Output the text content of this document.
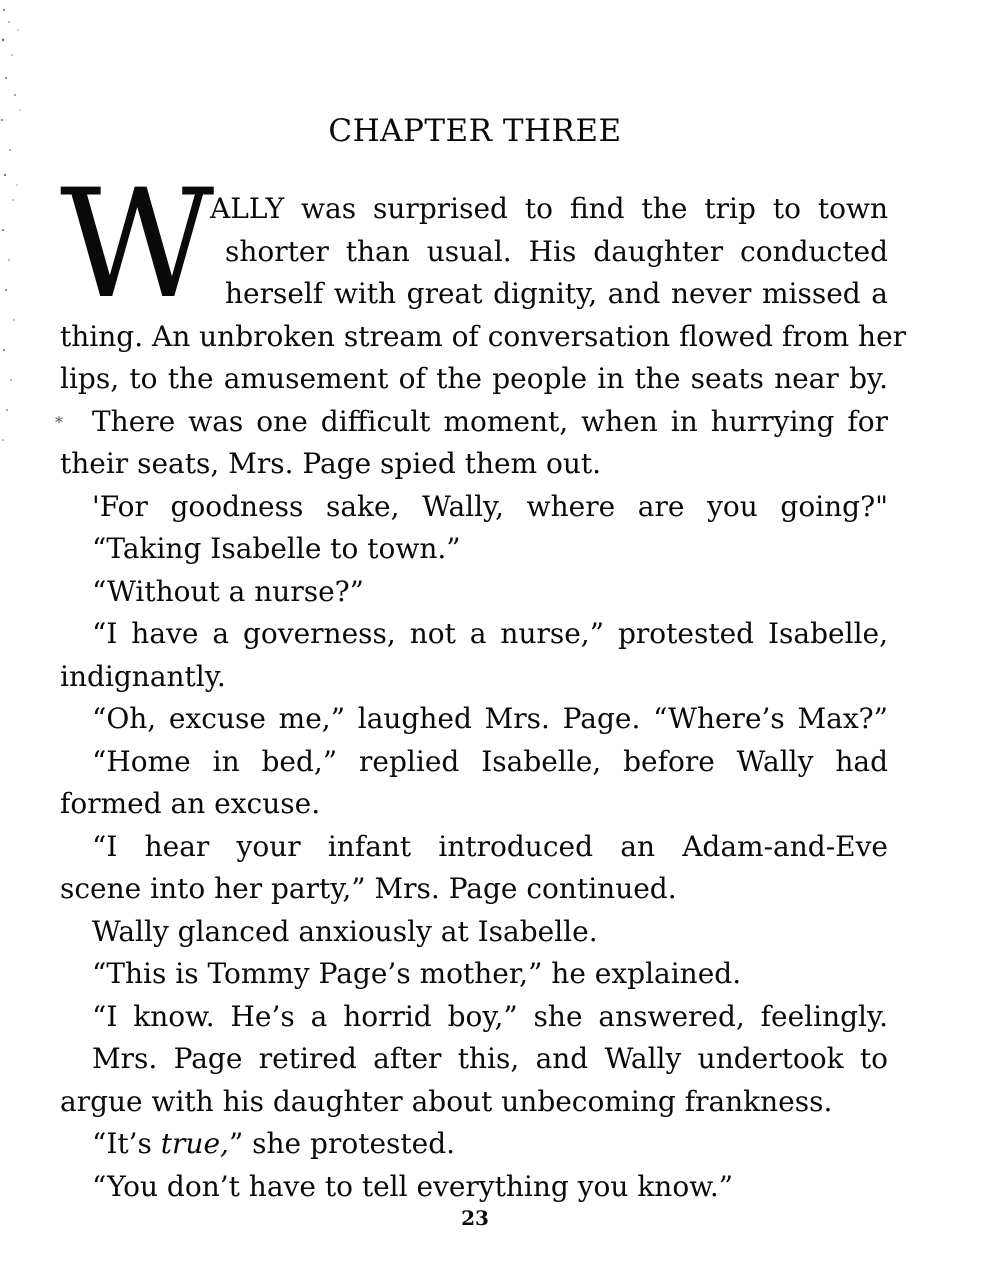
CHAPTER THREE
W
*
ALLY was surprised to find the trip to town
shorter than usual. His daughter conducted
herself with great dignity, and never missed a
thing. An unbroken stream of conversation flowed from her
lips, to the amusement of the people in the seats near by.
There was one difficult moment, when in hurrying for
their seats, Mrs. Page spied them out.
'For goodness sake, Wally, where are you going?"
“Taking Isabelle to town.”
“Without a nurse?”
“I have a governess, not a nurse,” protested Isabelle,
indignantly.
“Oh, excuse me,” laughed Mrs. Page. “Where’s Max?”
“Home in bed,” replied Isabelle, before Wally had
formed an excuse.
“I hear your infant introduced an Adam-and-Eve
scene into her party,” Mrs. Page continued.
Wally glanced anxiously at Isabelle.
“This is Tommy Page’s mother,” he explained.
“I know. He’s a horrid boy,” she answered, feelingly.
Mrs. Page retired after this, and Wally undertook to
argue with his daughter about unbecoming frankness.
“It’s true,” she protested.
“You don’t have to tell everything you know.”
23
